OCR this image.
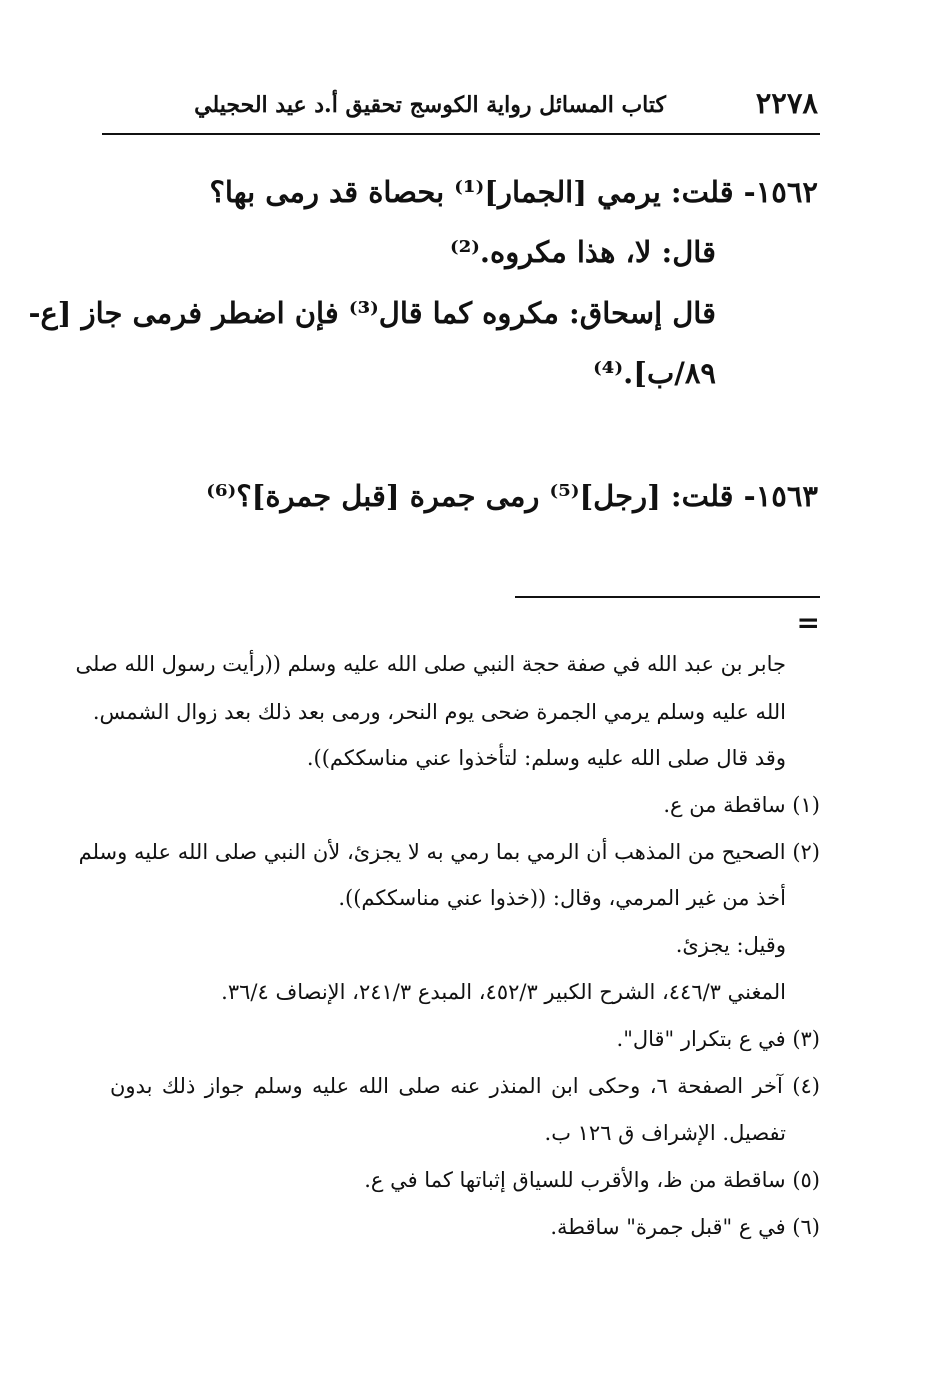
٢٢٧٨
كتاب المسائل رواية الكوسج تحقيق أ.د عيد الحجيلي
١٥٦٢- قلت: يرمي [الجمار]⁽¹⁾ بحصاة قد رمى بها؟
قال: لا، هذا مكروه.⁽²⁾
قال إسحاق: مكروه كما قال⁽³⁾ فإن اضطر فرمى جاز [ع-
٨٩/ب].⁽⁴⁾
١٥٦٣- قلت: [رجل]⁽⁵⁾ رمى جمرة [قبل جمرة]؟⁽⁶⁾
=
جابر بن عبد الله في صفة حجة النبي صلى الله عليه وسلم ((رأيت رسول الله صلى
الله عليه وسلم يرمي الجمرة ضحى يوم النحر، ورمى بعد ذلك بعد زوال الشمس.
وقد قال صلى الله عليه وسلم: لتأخذوا عني مناسككم)).
(١) ساقطة من ع.
(٢) الصحيح من المذهب أن الرمي بما رمي به لا يجزئ، لأن النبي صلى الله عليه وسلم
أخذ من غير المرمي، وقال: ((خذوا عني مناسككم)).
وقيل: يجزئ.
المغني ٤٤٦/٣، الشرح الكبير ٤٥٢/٣، المبدع ٢٤١/٣، الإنصاف ٣٦/٤.
(٣) في ع بتكرار "قال".
(٤) آخر الصفحة ٦، وحكى ابن المنذر عنه صلى الله عليه وسلم جواز ذلك بدون
تفصيل. الإشراف ق ١٢٦ ب.
(٥) ساقطة من ظ، والأقرب للسياق إثباتها كما في ع.
(٦) في ع "قبل جمرة" ساقطة.
